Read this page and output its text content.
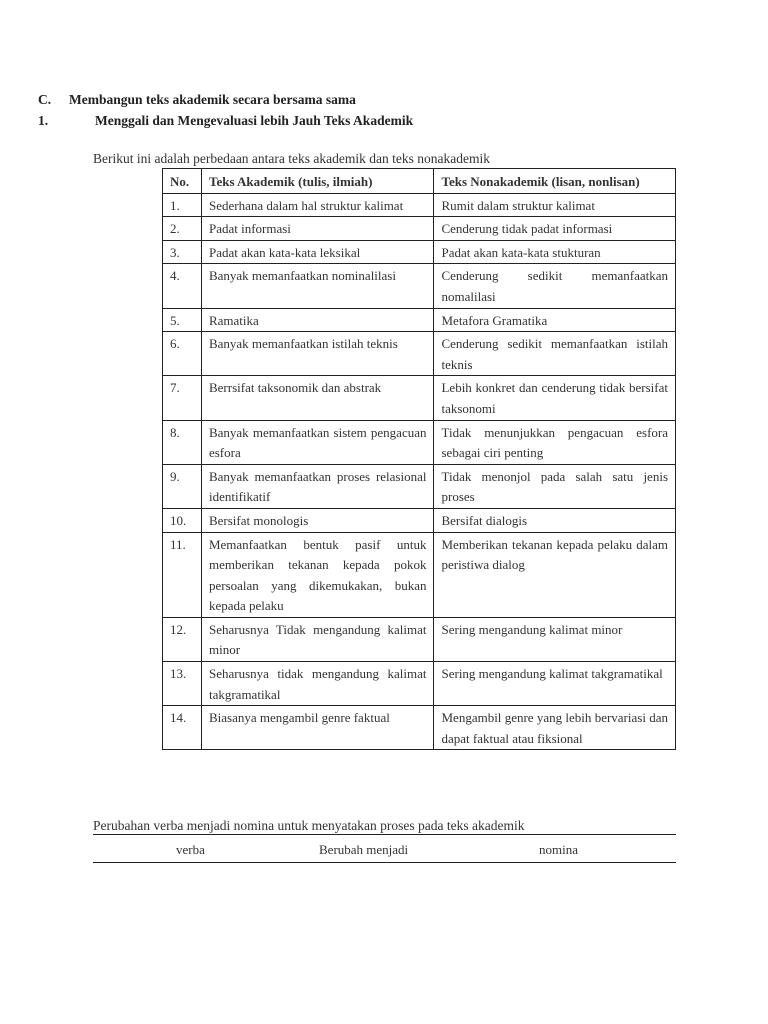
C. Membangun teks akademik secara bersama sama
1.	Menggali dan Mengevaluasi lebih Jauh Teks Akademik
Berikut ini adalah perbedaan antara teks akademik dan teks nonakademik
No.	Teks Akademik (tulis, ilmiah)	Teks Nonakademik (lisan, nonlisan)
1.	Sederhana dalam hal struktur kalimat	Rumit dalam struktur kalimat
2.	Padat informasi	Cenderung tidak padat informasi
3.	Padat akan kata-kata leksikal	Padat akan kata-kata stukturan
4.	Banyak memanfaatkan nominalilasi	Cenderung sedikit memanfaatkan nomalilasi
5.	Ramatika	Metafora Gramatika
6.	Banyak memanfaatkan istilah teknis	Cenderung sedikit memanfaatkan istilah teknis
7.	Berrsifat taksonomik dan abstrak	Lebih konkret dan cenderung tidak bersifat taksonomi
8.	Banyak memanfaatkan sistem pengacuan esfora	Tidak menunjukkan pengacuan esfora sebagai ciri penting
9.	Banyak memanfaatkan proses relasional identifikatif	Tidak menonjol pada salah satu jenis proses
10.	Bersifat monologis	Bersifat dialogis
11.	Memanfaatkan bentuk pasif untuk memberikan tekanan kepada pokok persoalan yang dikemukakan, bukan kepada pelaku	Memberikan tekanan kepada pelaku dalam peristiwa dialog
12.	Seharusnya Tidak mengandung kalimat minor	Sering mengandung kalimat minor
13.	Seharusnya tidak mengandung kalimat takgramatikal	Sering mengandung kalimat takgramatikal
14.	Biasanya mengambil genre faktual	Mengambil genre yang lebih bervariasi dan dapat faktual atau fiksional
Perubahan verba menjadi nomina untuk menyatakan proses pada teks akademik
verba	Berubah menjadi	nomina
